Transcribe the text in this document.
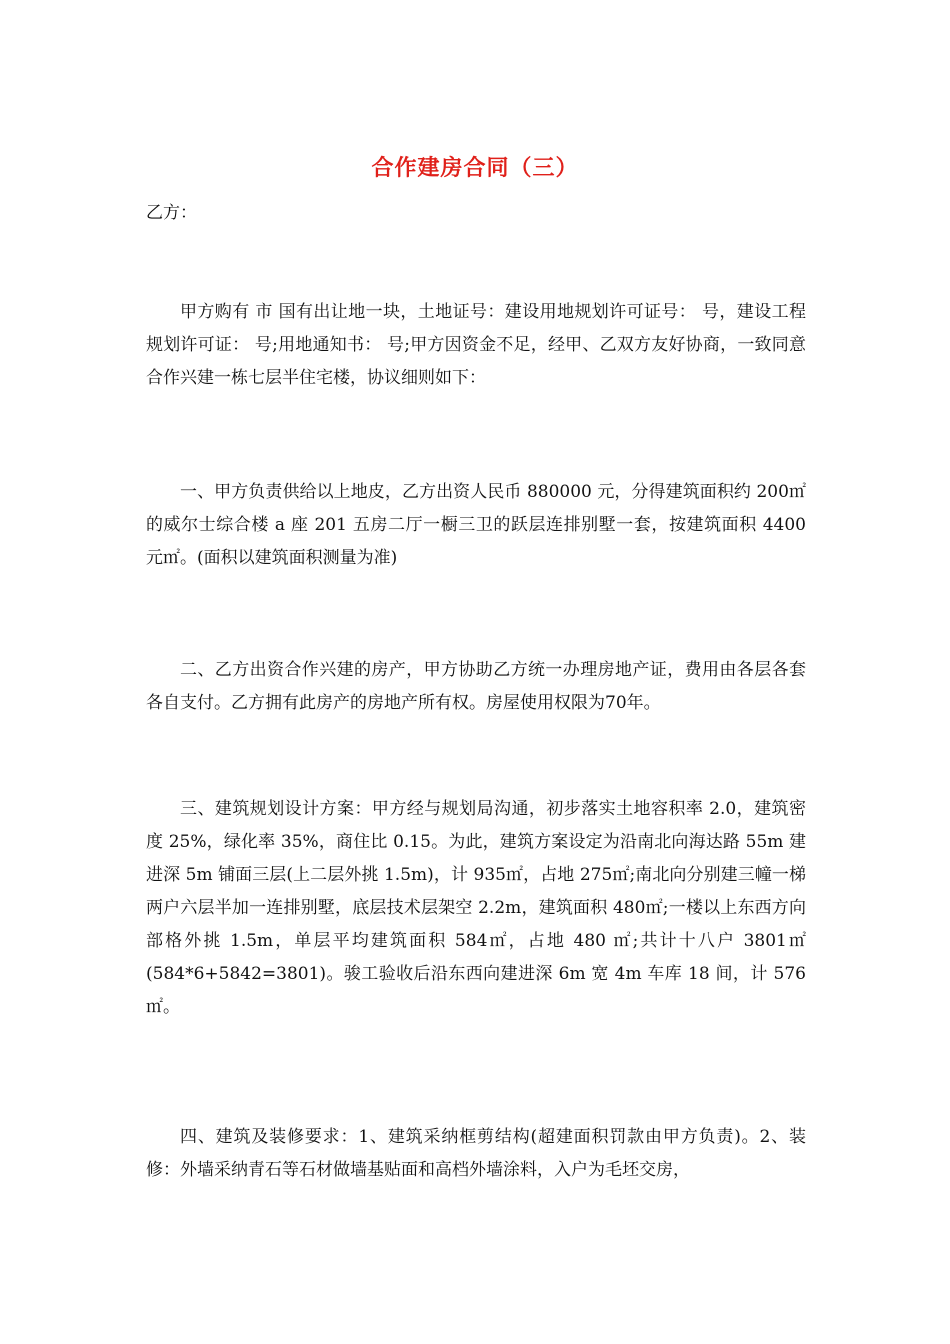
合作建房合同（三）
乙方：

甲方购有 市 国有出让地一块，土地证号：建设用地规划许可证号： 号，建设工程规划许可证： 号;用地通知书： 号;甲方因资金不足，经甲、乙双方友好协商，一致同意合作兴建一栋七层半住宅楼，协议细则如下：

一、甲方负责供给以上地皮，乙方出资人民币 880000 元，分得建筑面积约 200㎡的威尔士综合楼 a 座 201 五房二厅一橱三卫的跃层连排别墅一套，按建筑面积 4400 元㎡。(面积以建筑面积测量为准)

二、乙方出资合作兴建的房产，甲方协助乙方统一办理房地产证，费用由各层各套各自支付。乙方拥有此房产的房地产所有权。房屋使用权限为70年。

三、建筑规划设计方案：甲方经与规划局沟通，初步落实土地容积率 2.0，建筑密度 25%，绿化率 35%，商住比 0.15。为此，建筑方案设定为沿南北向海达路 55m 建进深 5m 铺面三层(上二层外挑 1.5m)，计 935㎡，占地 275㎡;南北向分别建三幢一梯两户六层半加一连排别墅，底层技术层架空 2.2m，建筑面积 480㎡;一楼以上东西方向部格外挑 1.5m，单层平均建筑面积 584㎡，占地 480 ㎡;共计十八户 3801㎡(584*6+5842=3801)。骏工验收后沿东西向建进深 6m 宽 4m 车库 18 间，计 576㎡。

四、建筑及装修要求：1、建筑采纳框剪结构(超建面积罚款由甲方负责)。2、装修：外墙采纳青石等石材做墙基贴面和高档外墙涂料，入户为毛坯交房，
